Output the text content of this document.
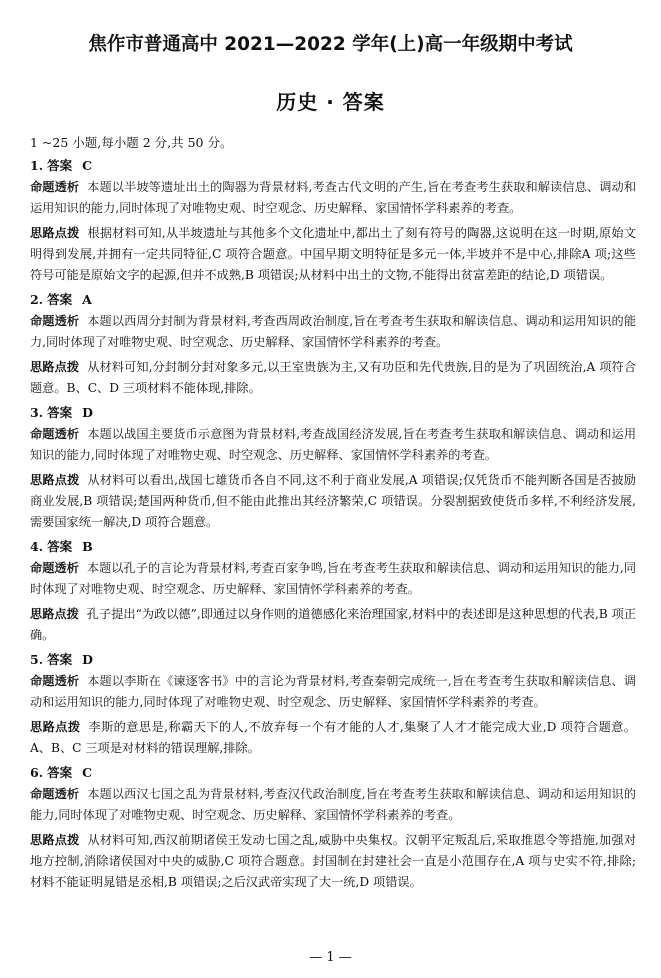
焦作市普通高中 2021—2022 学年(上)高一年级期中考试
历史 · 答案
1 ~25 小题,每小题 2 分,共 50 分。
1. 答案 C
命题透析 本题以半坡等遗址出土的陶器为背景材料,考查古代文明的产生,旨在考查考生获取和解读信息、调动和运用知识的能力,同时体现了对唯物史观、时空观念、历史解释、家国情怀学科素养的考查。
思路点拨 根据材料可知,从半坡遗址与其他多个文化遗址中,都出土了刻有符号的陶器,这说明在这一时期,原始文明得到发展,并拥有一定共同特征,C 项符合题意。中国早期文明特征是多元一体,半坡并不是中心,排除A 项;这些符号可能是原始文字的起源,但并不成熟,B 项错误;从材料中出土的文物,不能得出贫富差距的结论,D 项错误。
2. 答案 A
命题透析 本题以西周分封制为背景材料,考查西周政治制度,旨在考查考生获取和解读信息、调动和运用知识的能力,同时体现了对唯物史观、时空观念、历史解释、家国情怀学科素养的考查。
思路点拨 从材料可知,分封制分封对象多元,以王室贵族为主,又有功臣和先代贵族,目的是为了巩固统治,A 项符合题意。B、C、D 三项材料不能体现,排除。
3. 答案 D
命题透析 本题以战国主要货币示意图为背景材料,考查战国经济发展,旨在考查考生获取和解读信息、调动和运用知识的能力,同时体现了对唯物史观、时空观念、历史解释、家国情怀学科素养的考查。
思路点拨 从材料可以看出,战国七雄货币各自不同,这不利于商业发展,A 项错误;仅凭货币不能判断各国是否披励商业发展,B 项错误;楚国两种货币,但不能由此推出其经济繁荣,C 项错误。分裂割据致使货币多样,不利经济发展,需要国家统一解决,D 项符合题意。
4. 答案 B
命题透析 本题以孔子的言论为背景材料,考查百家争鸣,旨在考查考生获取和解读信息、调动和运用知识的能力,同时体现了对唯物史观、时空观念、历史解释、家国情怀学科素养的考查。
思路点拨 孔子提出“为政以德”,即通过以身作则的道德感化来治理国家,材料中的表述即是这种思想的代表,B 项正确。
5. 答案 D
命题透析 本题以李斯在《谏逐客书》中的言论为背景材料,考查秦朝完成统一,旨在考查考生获取和解读信息、调动和运用知识的能力,同时体现了对唯物史观、时空观念、历史解释、家国情怀学科素养的考查。
思路点拨 李斯的意思是,称霸天下的人,不放弃每一个有才能的人才,集聚了人才才能完成大业,D 项符合题意。A、B、C 三项是对材料的错误理解,排除。
6. 答案 C
命题透析 本题以西汉七国之乱为背景材料,考查汉代政治制度,旨在考查考生获取和解读信息、调动和运用知识的能力,同时体现了对唯物史观、时空观念、历史解释、家国情怀学科素养的考查。
思路点拨 从材料可知,西汉前期诸侯王发动七国之乱,威胁中央集权。汉朝平定叛乱后,采取推恩令等措施,加强对地方控制,消除诸侯国对中央的威胁,C 项符合题意。封国制在封建社会一直是小范围存在,A 项与史实不符,排除;材料不能证明晁错是丞相,B 项错误;之后汉武帝实现了大一统,D 项错误。
— 1 —
